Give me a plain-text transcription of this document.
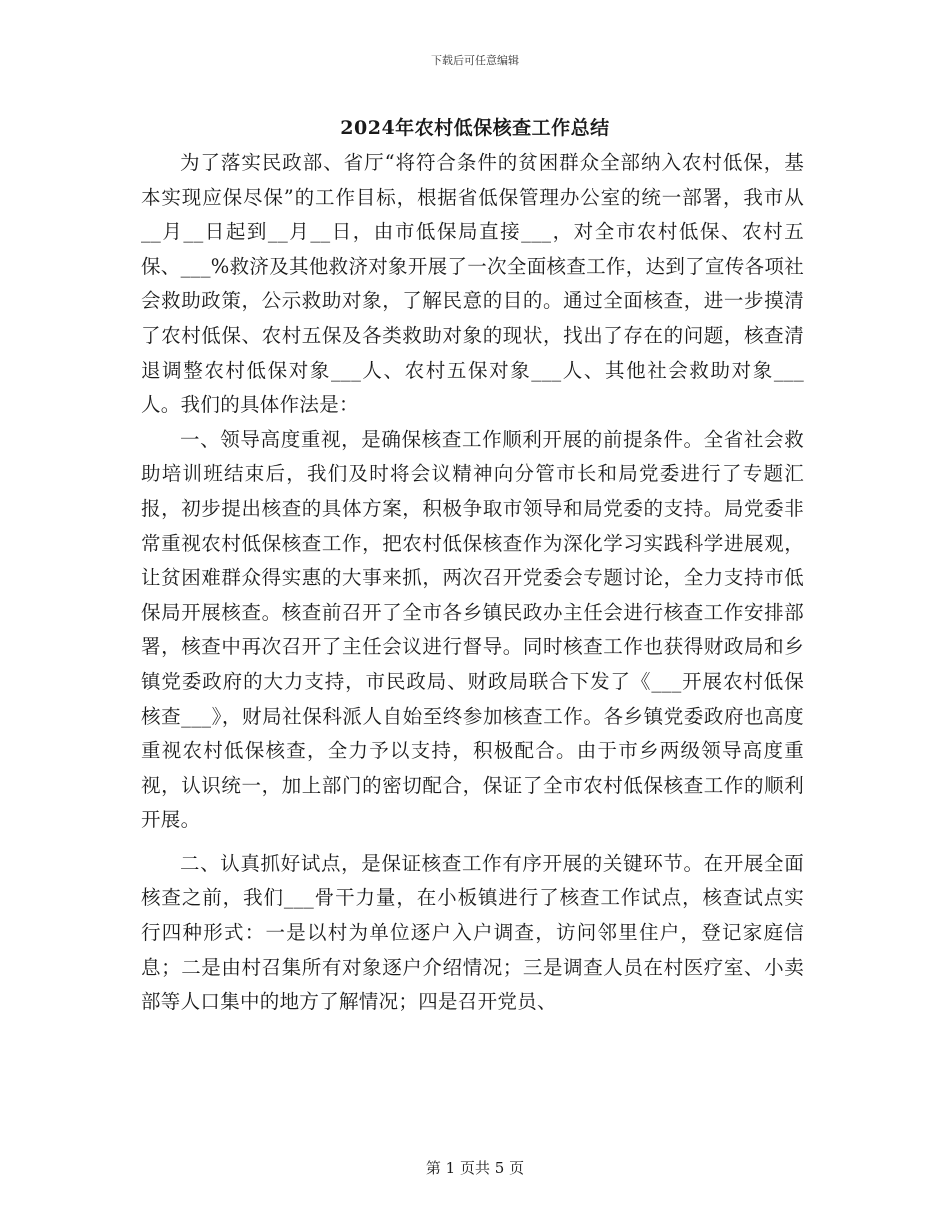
下载后可任意编辑
2024年农村低保核查工作总结

为了落实民政部、省厅“将符合条件的贫困群众全部纳入农村低保，基本实现应保尽保”的工作目标，根据省低保管理办公室的统一部署，我市从__月__日起到__月__日，由市低保局直接___，对全市农村低保、农村五保、___%救济及其他救济对象开展了一次全面核查工作，达到了宣传各项社会救助政策，公示救助对象，了解民意的目的。通过全面核查，进一步摸清了农村低保、农村五保及各类救助对象的现状，找出了存在的问题，核查清退调整农村低保对象___人、农村五保对象___人、其他社会救助对象___人。我们的具体作法是：

一、领导高度重视，是确保核查工作顺利开展的前提条件。全省社会救助培训班结束后，我们及时将会议精神向分管市长和局党委进行了专题汇报，初步提出核查的具体方案，积极争取市领导和局党委的支持。局党委非常重视农村低保核查工作，把农村低保核查作为深化学习实践科学进展观，让贫困难群众得实惠的大事来抓，两次召开党委会专题讨论，全力支持市低保局开展核查。核查前召开了全市各乡镇民政办主任会进行核查工作安排部署，核查中再次召开了主任会议进行督导。同时核查工作也获得财政局和乡镇党委政府的大力支持，市民政局、财政局联合下发了《___开展农村低保核查___》，财局社保科派人自始至终参加核查工作。各乡镇党委政府也高度重视农村低保核查，全力予以支持，积极配合。由于市乡两级领导高度重视，认识统一，加上部门的密切配合，保证了全市农村低保核查工作的顺利开展。

二、认真抓好试点，是保证核查工作有序开展的关键环节。在开展全面核查之前，我们___骨干力量，在小板镇进行了核查工作试点，核查试点实行四种形式：一是以村为单位逐户入户调查，访问邻里住户，登记家庭信息；二是由村召集所有对象逐户介绍情况；三是调查人员在村医疗室、小卖部等人口集中的地方了解情况；四是召开党员、

第 1 页共 5 页
